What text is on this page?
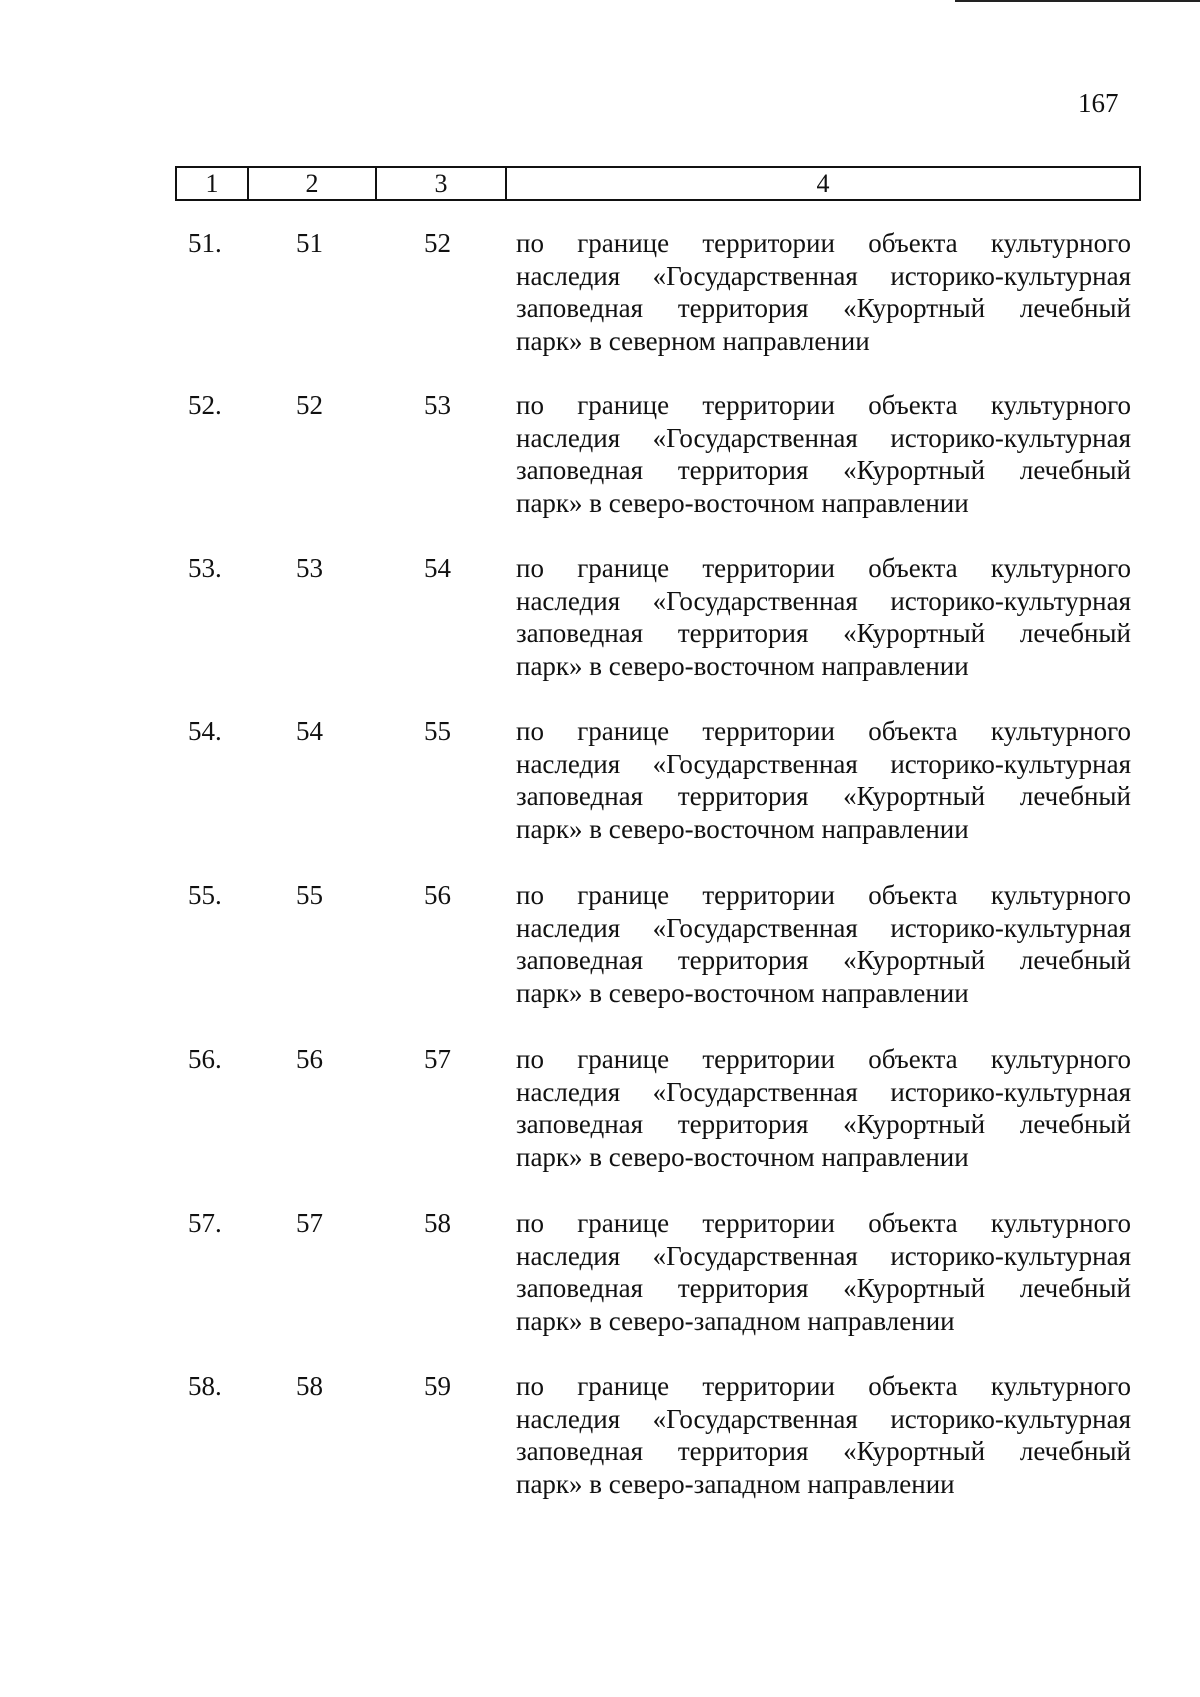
167
1	2	3	4
51.	51	52 по границе территории объекта культурного
наследия «Государственная историко-культурная
заповедная территория «Курортный лечебный
парк» в северном направлении
52.	52	53 по границе территории объекта культурного
наследия «Государственная историко-культурная
заповедная территория «Курортный лечебный
парк» в северо-восточном направлении
53.	53	54 по границе территории объекта культурного
наследия «Государственная историко-культурная
заповедная территория «Курортный лечебный
парк» в северо-восточном направлении
54.	54	55 по границе территории объекта культурного
наследия «Государственная историко-культурная
заповедная территория «Курортный лечебный
парк» в северо-восточном направлении
55.	55	56 по границе территории объекта культурного
наследия «Государственная историко-культурная
заповедная территория «Курортный лечебный
парк» в северо-восточном направлении
56.	56	57 по границе территории объекта культурного
наследия «Государственная историко-культурная
заповедная территория «Курортный лечебный
парк» в северо-восточном направлении
57.	57	58 по границе территории объекта культурного
наследия «Государственная историко-культурная
заповедная территория «Курортный лечебный
парк» в северо-западном направлении
58.	58	59 по границе территории объекта культурного
наследия «Государственная историко-культурная
заповедная территория «Курортный лечебный
парк» в северо-западном направлении
